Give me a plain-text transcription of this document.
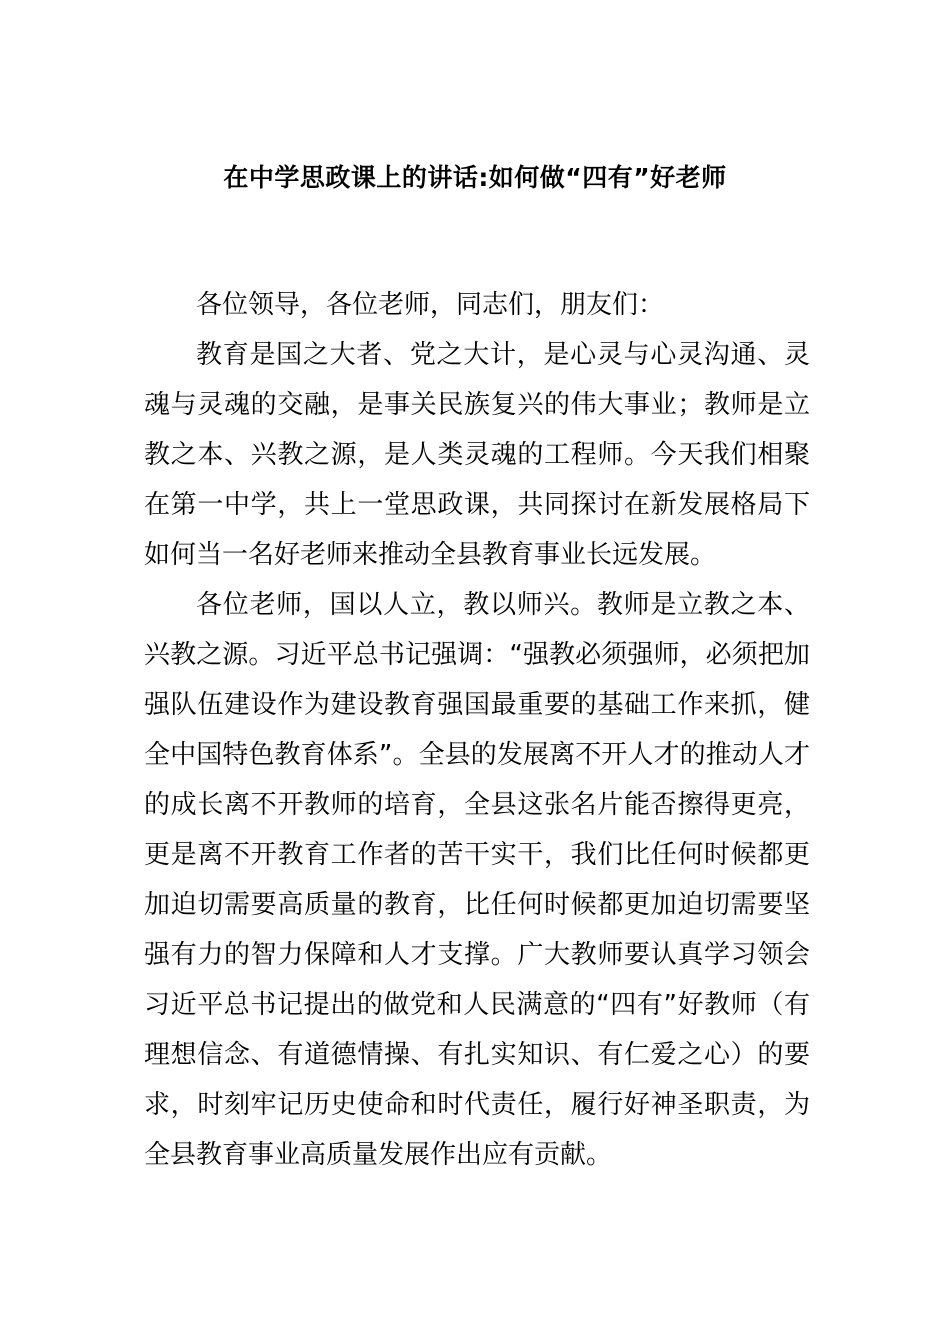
在中学思政课上的讲话:如何做“四有”好老师

各位领导，各位老师，同志们，朋友们：

教育是国之大者、党之大计，是心灵与心灵沟通、灵魂与灵魂的交融，是事关民族复兴的伟大事业；教师是立教之本、兴教之源，是人类灵魂的工程师。今天我们相聚在第一中学，共上一堂思政课，共同探讨在新发展格局下如何当一名好老师来推动全县教育事业长远发展。

各位老师，国以人立，教以师兴。教师是立教之本、兴教之源。习近平总书记强调：“强教必须强师，必须把加强队伍建设作为建设教育强国最重要的基础工作来抓，健全中国特色教育体系”。全县的发展离不开人才的推动人才的成长离不开教师的培育，全县这张名片能否擦得更亮，更是离不开教育工作者的苦干实干，我们比任何时候都更加迫切需要高质量的教育，比任何时候都更加迫切需要坚强有力的智力保障和人才支撑。广大教师要认真学习领会习近平总书记提出的做党和人民满意的“四有”好教师（有理想信念、有道德情操、有扎实知识、有仁爱之心）的要求，时刻牢记历史使命和时代责任，履行好神圣职责，为全县教育事业高质量发展作出应有贡献。
